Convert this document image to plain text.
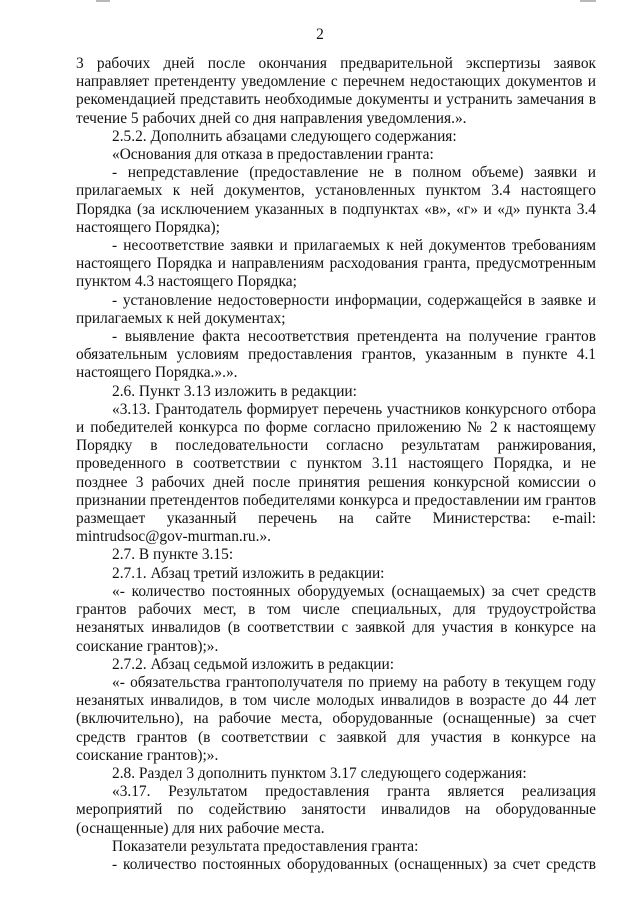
2

3 рабочих дней после окончания предварительной экспертизы заявок направляет претенденту уведомление с перечнем недостающих документов и рекомендацией представить необходимые документы и устранить замечания в течение 5 рабочих дней со дня направления уведомления.».

2.5.2. Дополнить абзацами следующего содержания:

«Основания для отказа в предоставлении гранта:

- непредставление (предоставление не в полном объеме) заявки и прилагаемых к ней документов, установленных пунктом 3.4 настоящего Порядка (за исключением указанных в подпунктах «в», «г» и «д» пункта 3.4 настоящего Порядка);

- несоответствие заявки и прилагаемых к ней документов требованиям настоящего Порядка и направлениям расходования гранта, предусмотренным пунктом 4.3 настоящего Порядка;

- установление недостоверности информации, содержащейся в заявке и прилагаемых к ней документах;

- выявление факта несоответствия претендента на получение грантов обязательным условиям предоставления грантов, указанным в пункте 4.1 настоящего Порядка.».».

2.6. Пункт 3.13 изложить в редакции:

«3.13. Грантодатель формирует перечень участников конкурсного отбора и победителей конкурса по форме согласно приложению № 2 к настоящему Порядку в последовательности согласно результатам ранжирования, проведенного в соответствии с пунктом 3.11 настоящего Порядка, и не позднее 3 рабочих дней после принятия решения конкурсной комиссии о признании претендентов победителями конкурса и предоставлении им грантов размещает указанный перечень на сайте Министерства: e-mail: mintrudsoc@gov-murman.ru.».

2.7. В пункте 3.15:

2.7.1. Абзац третий изложить в редакции:

«- количество постоянных оборудуемых (оснащаемых) за счет средств грантов рабочих мест, в том числе специальных, для трудоустройства незанятых инвалидов (в соответствии с заявкой для участия в конкурсе на соискание грантов);».

2.7.2. Абзац седьмой изложить в редакции:

«- обязательства грантополучателя по приему на работу в текущем году незанятых инвалидов, в том числе молодых инвалидов в возрасте до 44 лет (включительно), на рабочие места, оборудованные (оснащенные) за счет средств грантов (в соответствии с заявкой для участия в конкурсе на соискание грантов);».

2.8. Раздел 3 дополнить пунктом 3.17 следующего содержания:

«3.17. Результатом предоставления гранта является реализация мероприятий по содействию занятости инвалидов на оборудованные (оснащенные) для них рабочие места.

Показатели результата предоставления гранта:

- количество постоянных оборудованных (оснащенных) за счет средств
